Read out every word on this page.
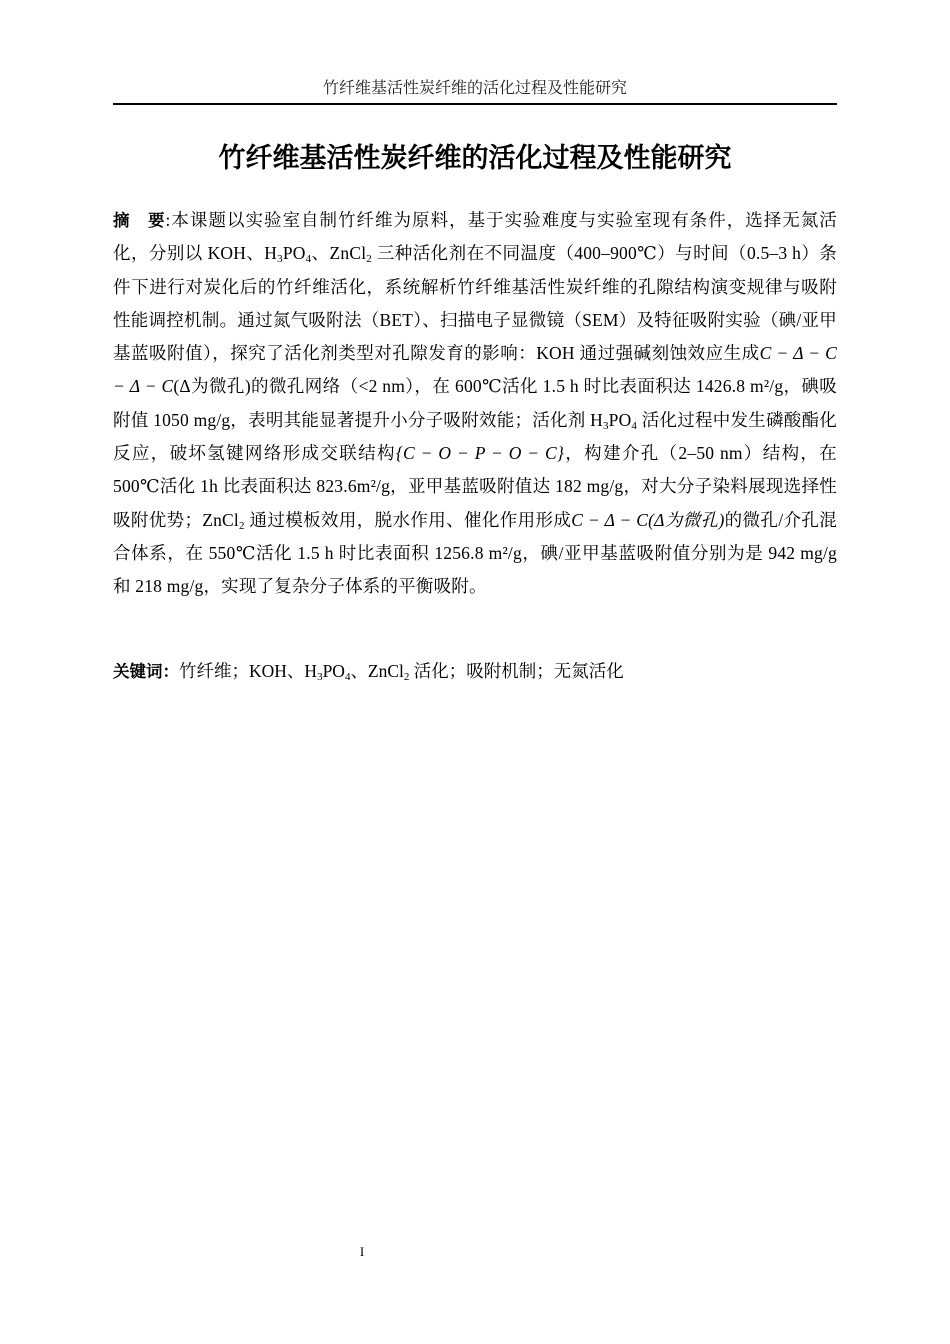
竹纤维基活性炭纤维的活化过程及性能研究
竹纤维基活性炭纤维的活化过程及性能研究

摘　要:本课题以实验室自制竹纤维为原料，基于实验难度与实验室现有条件，选择无氮活化，分别以 KOH、$H_3PO_4$、ZnCl$_2$ 三种活化剂在不同温度（400–900℃）与时间（0.5–3 h）条件下进行对炭化后的竹纤维活化，系统解析竹纤维基活性炭纤维的孔隙结构演变规律与吸附性能调控机制。通过氮气吸附法（BET）、扫描电子显微镜（SEM）及特征吸附实验（碘/亚甲基蓝吸附值），探究了活化剂类型对孔隙发育的影响：KOH 通过强碱刻蚀效应生成C − Δ − C − Δ − C(Δ为微孔)的微孔网络（<2 nm），在 600℃活化 1.5 h 时比表面积达 1426.8 m²/g，碘吸附值 1050 mg/g，表明其能显著提升小分子吸附效能；活化剂 $H_3PO_4$ 活化过程中发生磷酸酯化反应，破坏氢键网络形成交联结构{C − O − P − O − C}，构建介孔（2–50 nm）结构，在 500℃活化 1h 比表面积达 823.6m²/g，亚甲基蓝吸附值达 182 mg/g，对大分子染料展现选择性吸附优势；ZnCl$_2$ 通过模板效用，脱水作用、催化作用形成C − Δ − C(Δ为微孔)的微孔/介孔混合体系，在 550℃活化 1.5 h 时比表面积 1256.8 m²/g，碘/亚甲基蓝吸附值分别为是 942 mg/g 和 218 mg/g，实现了复杂分子体系的平衡吸附。

关键词：竹纤维；KOH、$H_3PO_4$、ZnCl$_2$ 活化；吸附机制；无氮活化

I
